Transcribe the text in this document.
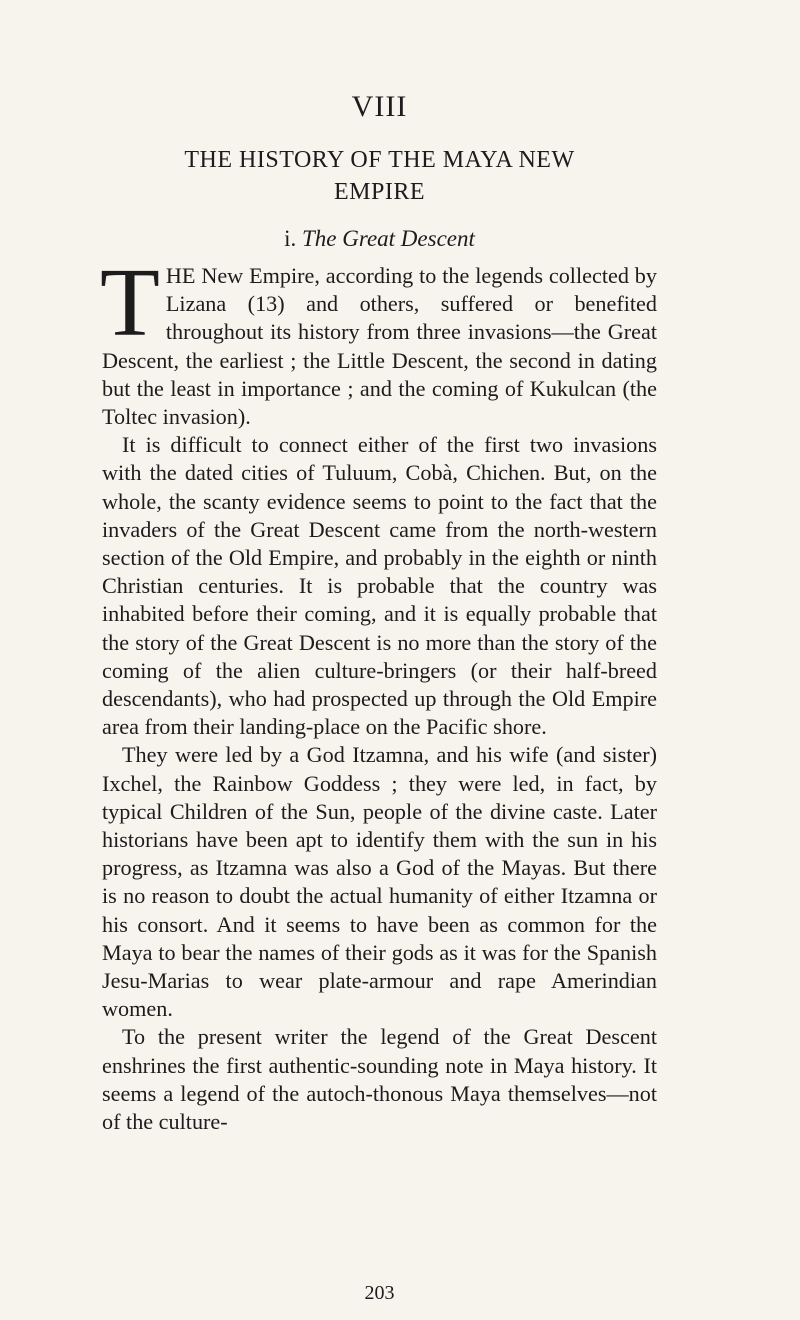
VIII
THE HISTORY OF THE MAYA NEW
EMPIRE
i. The Great Descent

THE New Empire, according to the legends collected by Lizana (13) and others, suffered or benefited throughout its history from three invasions—the Great Descent, the earliest ; the Little Descent, the second in dating but the least in importance ; and the coming of Kukulcan (the Toltec invasion).

It is difficult to connect either of the first two invasions with the dated cities of Tuluum, Cobà, Chichen. But, on the whole, the scanty evidence seems to point to the fact that the invaders of the Great Descent came from the north-western section of the Old Empire, and probably in the eighth or ninth Christian centuries. It is probable that the country was inhabited before their coming, and it is equally probable that the story of the Great Descent is no more than the story of the coming of the alien culture-bringers (or their half-breed descendants), who had prospected up through the Old Empire area from their landing-place on the Pacific shore.

They were led by a God Itzamna, and his wife (and sister) Ixchel, the Rainbow Goddess ; they were led, in fact, by typical Children of the Sun, people of the divine caste. Later historians have been apt to identify them with the sun in his progress, as Itzamna was also a God of the Mayas. But there is no reason to doubt the actual humanity of either Itzamna or his consort. And it seems to have been as common for the Maya to bear the names of their gods as it was for the Spanish Jesu-Marias to wear plate-armour and rape Amerindian women.

To the present writer the legend of the Great Descent enshrines the first authentic-sounding note in Maya history. It seems a legend of the autoch-thonous Maya themselves—not of the culture-

203
